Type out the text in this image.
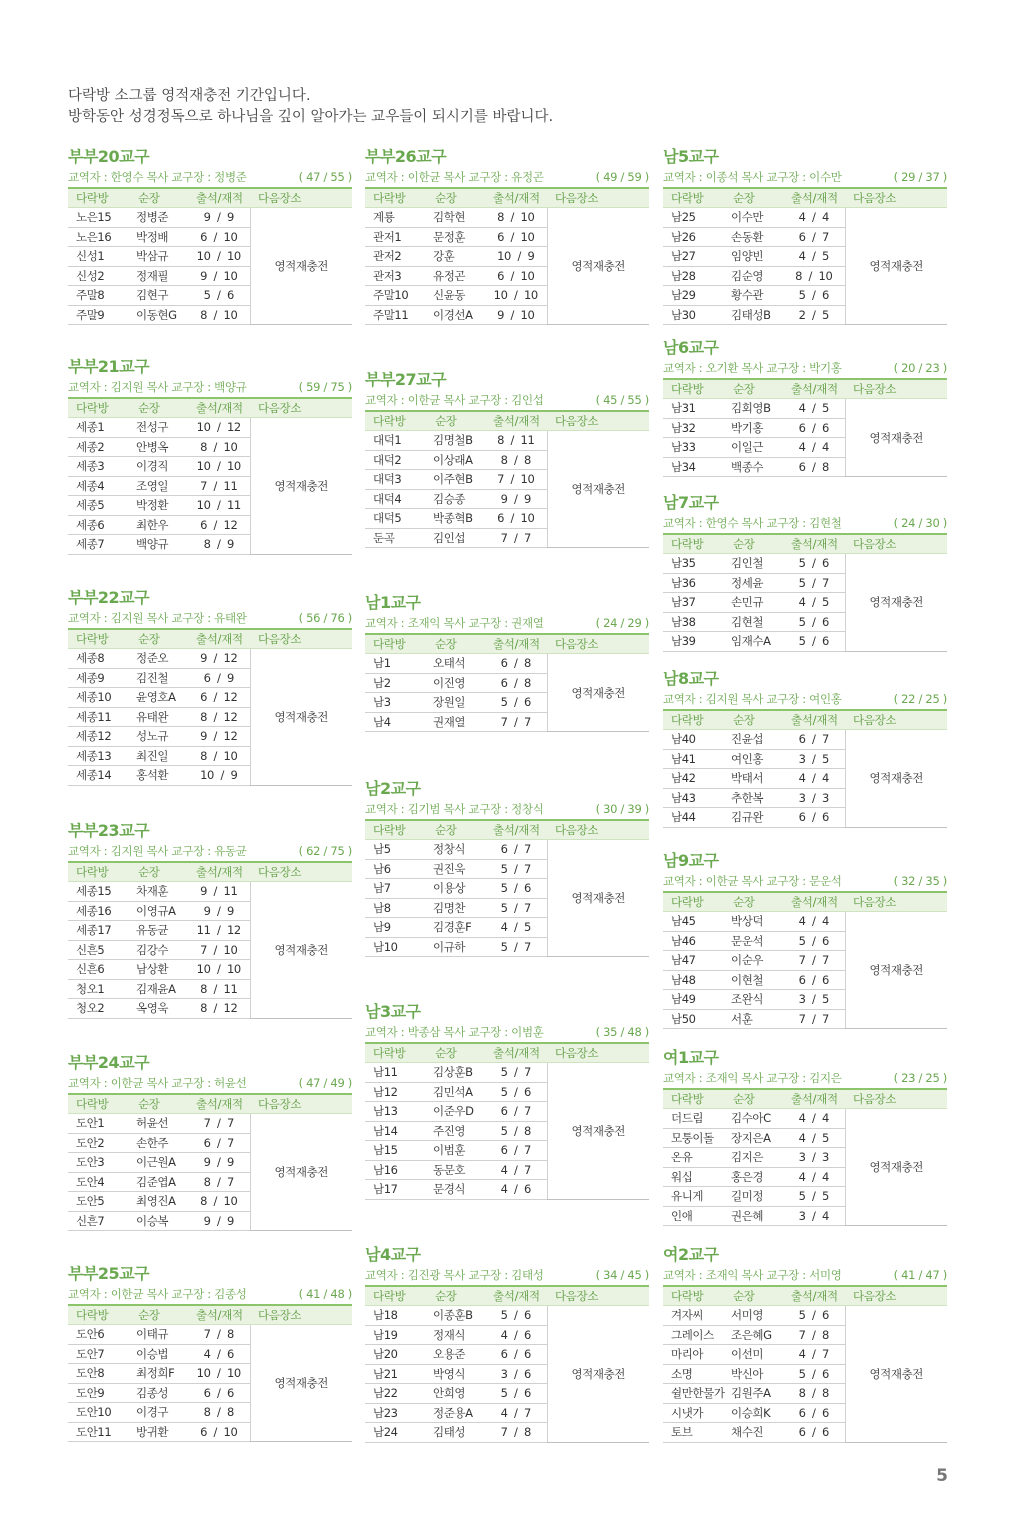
다락방 소그룹 영적재충전 기간입니다.
방학동안 성경정독으로 하나님을 깊이 알아가는 교우들이 되시기를 바랍니다.
부부20교구
교역자 : 한영수 목사 교구장 : 정병준	( 47 / 55 )
다락방	순장	출석/재적	다음장소
노은15	정병준	9  /  9	영적재충전
노은16	박정배	6  /  10	
신성1	박삼규	10  /  10	
신성2	정재필	9  /  10	
주말8	김현구	5  /  6	
주말9	이동현G	8  /  10	
부부21교구
교역자 : 김지원 목사 교구장 : 백양규	( 59 / 75 )
다락방	순장	출석/재적	다음장소
세종1	전성구	10  /  12	영적재충전
세종2	안병옥	8  /  10	
세종3	이경직	10  /  10	
세종4	조영일	7  /  11	
세종5	박정환	10  /  11	
세종6	최한우	6  /  12	
세종7	백양규	8  /  9	
부부22교구
교역자 : 김지원 목사 교구장 : 유태완	( 56 / 76 )
다락방	순장	출석/재적	다음장소
세종8	정준오	9  /  12	영적재충전
세종9	김진철	6  /  9	
세종10	윤영호A	6  /  12	
세종11	유태완	8  /  12	
세종12	성노규	9  /  12	
세종13	최진일	8  /  10	
세종14	홍석환	10  /  9	
부부23교구
교역자 : 김지원 목사 교구장 : 유동균	( 62 / 75 )
다락방	순장	출석/재적	다음장소
세종15	차재훈	9  /  11	영적재충전
세종16	이영규A	9  /  9	
세종17	유동균	11  /  12	
신흔5	김강수	7  /  10	
신흔6	남상환	10  /  10	
청오1	김재윤A	8  /  11	
청오2	옥영욱	8  /  12	
부부24교구
교역자 : 이한균 목사 교구장 : 허윤선	( 47 / 49 )
다락방	순장	출석/재적	다음장소
도안1	허윤선	7  /  7	영적재충전
도안2	손한주	6  /  7	
도안3	이근원A	9  /  9	
도안4	김준엽A	8  /  7	
도안5	최영진A	8  /  10	
신흔7	이승복	9  /  9	
부부25교구
교역자 : 이한균 목사 교구장 : 김종성	( 41 / 48 )
다락방	순장	출석/재적	다음장소
도안6	이태규	7  /  8	영적재충전
도안7	이승법	4  /  6	
도안8	최정희F	10  /  10	
도안9	김종성	6  /  6	
도안10	이경구	8  /  8	
도안11	방귀환	6  /  10	
부부26교구
교역자 : 이한균 목사 교구장 : 유정곤	( 49 / 59 )
다락방	순장	출석/재적	다음장소
계룡	김학현	8  /  10	영적재충전
관저1	문정훈	6  /  10	
관저2	강훈	10  /  9	
관저3	유정곤	6  /  10	
주말10	신윤동	10  /  10	
주말11	이경선A	9  /  10	
부부27교구
교역자 : 이한균 목사 교구장 : 김인섭	( 45 / 55 )
다락방	순장	출석/재적	다음장소
대덕1	김명철B	8  /  11	영적재충전
대덕2	이상래A	8  /  8	
대덕3	이주현B	7  /  10	
대덕4	김승종	9  /  9	
대덕5	박종혁B	6  /  10	
둔곡	김인섭	7  /  7	
남1교구
교역자 : 조재익 목사 교구장 : 권재열	( 24 / 29 )
다락방	순장	출석/재적	다음장소
남1	오태석	6  /  8	영적재충전
남2	이진영	6  /  8	
남3	장원일	5  /  6	
남4	권재열	7  /  7	
남2교구
교역자 : 김기범 목사 교구장 : 정창식	( 30 / 39 )
다락방	순장	출석/재적	다음장소
남5	정창식	6  /  7	영적재충전
남6	권진욱	5  /  7	
남7	이용상	5  /  6	
남8	김명찬	5  /  7	
남9	김경훈F	4  /  5	
남10	이규하	5  /  7	
남3교구
교역자 : 박종삼 목사 교구장 : 이범훈	( 35 / 48 )
다락방	순장	출석/재적	다음장소
남11	김상훈B	5  /  7	영적재충전
남12	김민석A	5  /  6	
남13	이준우D	6  /  7	
남14	주진영	5  /  8	
남15	이범훈	6  /  7	
남16	동문호	4  /  7	
남17	문경식	4  /  6	
남4교구
교역자 : 김진광 목사 교구장 : 김태성	( 34 / 45 )
다락방	순장	출석/재적	다음장소
남18	이종훈B	5  /  6	영적재충전
남19	정재식	4  /  6	
남20	오용준	6  /  6	
남21	박영식	3  /  6	
남22	안희영	5  /  6	
남23	정준용A	4  /  7	
남24	김태성	7  /  8	
남5교구
교역자 : 이종석 목사 교구장 : 이수만	( 29 / 37 )
다락방	순장	출석/재적	다음장소
남25	이수만	4  /  4	영적재충전
남26	손동환	6  /  7	
남27	임양빈	4  /  5	
남28	김순영	8  /  10	
남29	황수관	5  /  6	
남30	김태성B	2  /  5	
남6교구
교역자 : 오기환 목사 교구장 : 박기홍	( 20 / 23 )
다락방	순장	출석/재적	다음장소
남31	김회영B	4  /  5	영적재충전
남32	박기홍	6  /  6	
남33	이일근	4  /  4	
남34	백종수	6  /  8	
남7교구
교역자 : 한영수 목사 교구장 : 김현철	( 24 / 30 )
다락방	순장	출석/재적	다음장소
남35	김인철	5  /  6	영적재충전
남36	정세윤	5  /  7	
남37	손민규	4  /  5	
남38	김현철	5  /  6	
남39	임재수A	5  /  6	
남8교구
교역자 : 김지원 목사 교구장 : 여인홍	( 22 / 25 )
다락방	순장	출석/재적	다음장소
남40	진윤섭	6  /  7	영적재충전
남41	여인홍	3  /  5	
남42	박태서	4  /  4	
남43	추한복	3  /  3	
남44	김규완	6  /  6	
남9교구
교역자 : 이한균 목사 교구장 : 문운석	( 32 / 35 )
다락방	순장	출석/재적	다음장소
남45	박상덕	4  /  4	영적재충전
남46	문운석	5  /  6	
남47	이순우	7  /  7	
남48	이현철	6  /  6	
남49	조완식	3  /  5	
남50	서훈	7  /  7	
여1교구
교역자 : 조재익 목사 교구장 : 김지은	( 23 / 25 )
다락방	순장	출석/재적	다음장소
더드림	김수아C	4  /  4	영적재충전
모퉁이돌	장지은A	4  /  5	
온유	김지은	3  /  3	
워십	홍은경	4  /  4	
유니게	길미정	5  /  5	
인애	권은혜	3  /  4	
여2교구
교역자 : 조재익 목사 교구장 : 서미영	( 41 / 47 )
다락방	순장	출석/재적	다음장소
겨자씨	서미영	5  /  6	영적재충전
그레이스	조은혜G	7  /  8	
마리아	이선미	4  /  7	
소명	박신아	5  /  6	
쉴만한물가	김원주A	8  /  8	
시냇가	이승희K	6  /  6	
토브	채수진	6  /  6	
5
